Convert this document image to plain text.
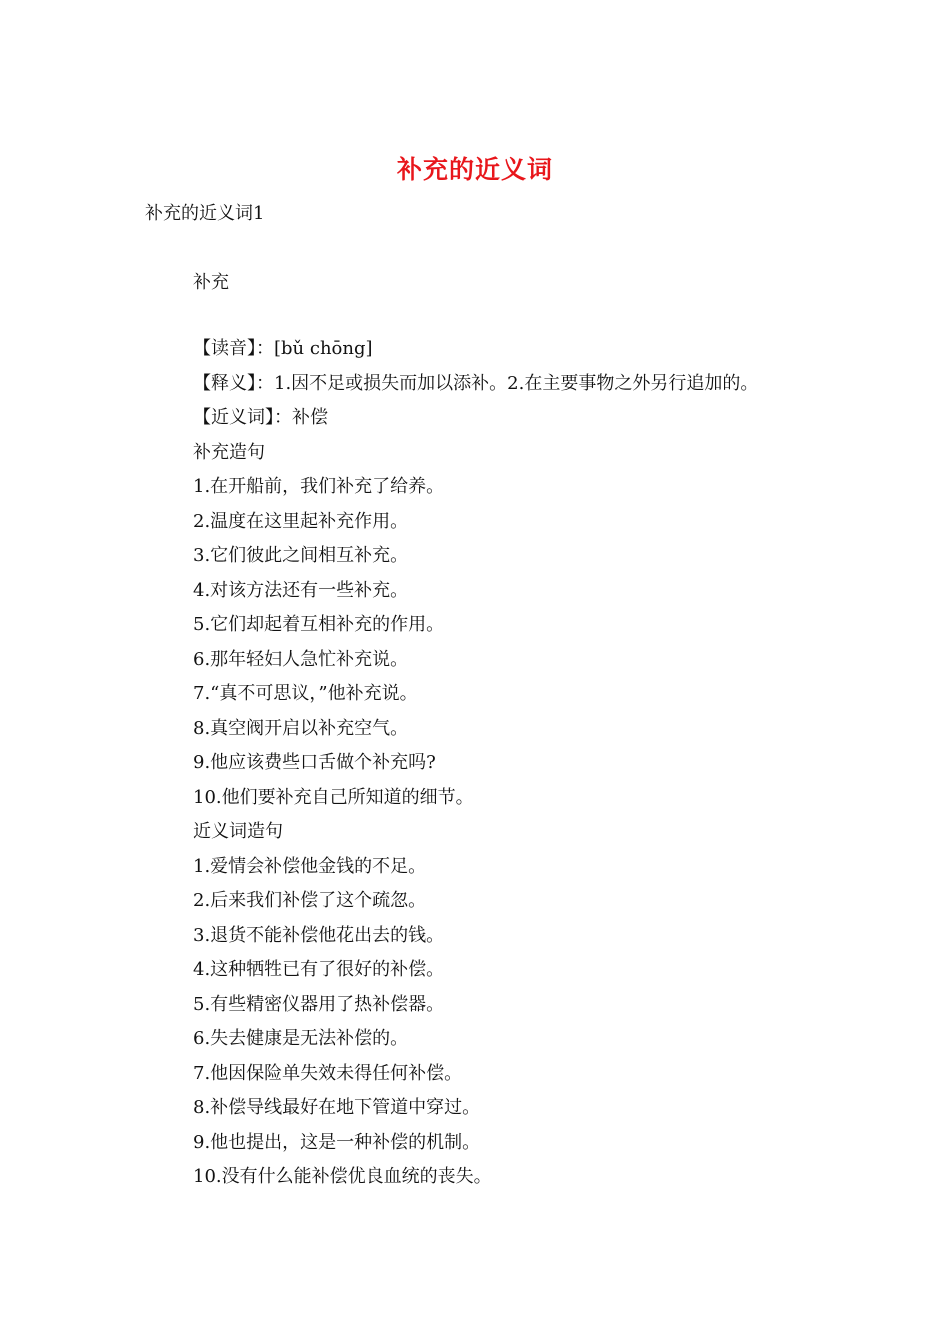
补充的近义词
补充的近义词1
补充
【读音】：[bǔ chōng]
【释义】：1.因不足或损失而加以添补。2.在主要事物之外另行追加的。
【近义词】：补偿
补充造句
1.在开船前，我们补充了给养。
2.温度在这里起补充作用。
3.它们彼此之间相互补充。
4.对该方法还有一些补充。
5.它们却起着互相补充的作用。
6.那年轻妇人急忙补充说。
7.“真不可思议，”他补充说。
8.真空阀开启以补充空气。
9.他应该费些口舌做个补充吗?
10.他们要补充自己所知道的细节。
近义词造句
1.爱情会补偿他金钱的不足。
2.后来我们补偿了这个疏忽。
3.退货不能补偿他花出去的钱。
4.这种牺牲已有了很好的补偿。
5.有些精密仪器用了热补偿器。
6.失去健康是无法补偿的。
7.他因保险单失效未得任何补偿。
8.补偿导线最好在地下管道中穿过。
9.他也提出，这是一种补偿的机制。
10.没有什么能补偿优良血统的丧失。
